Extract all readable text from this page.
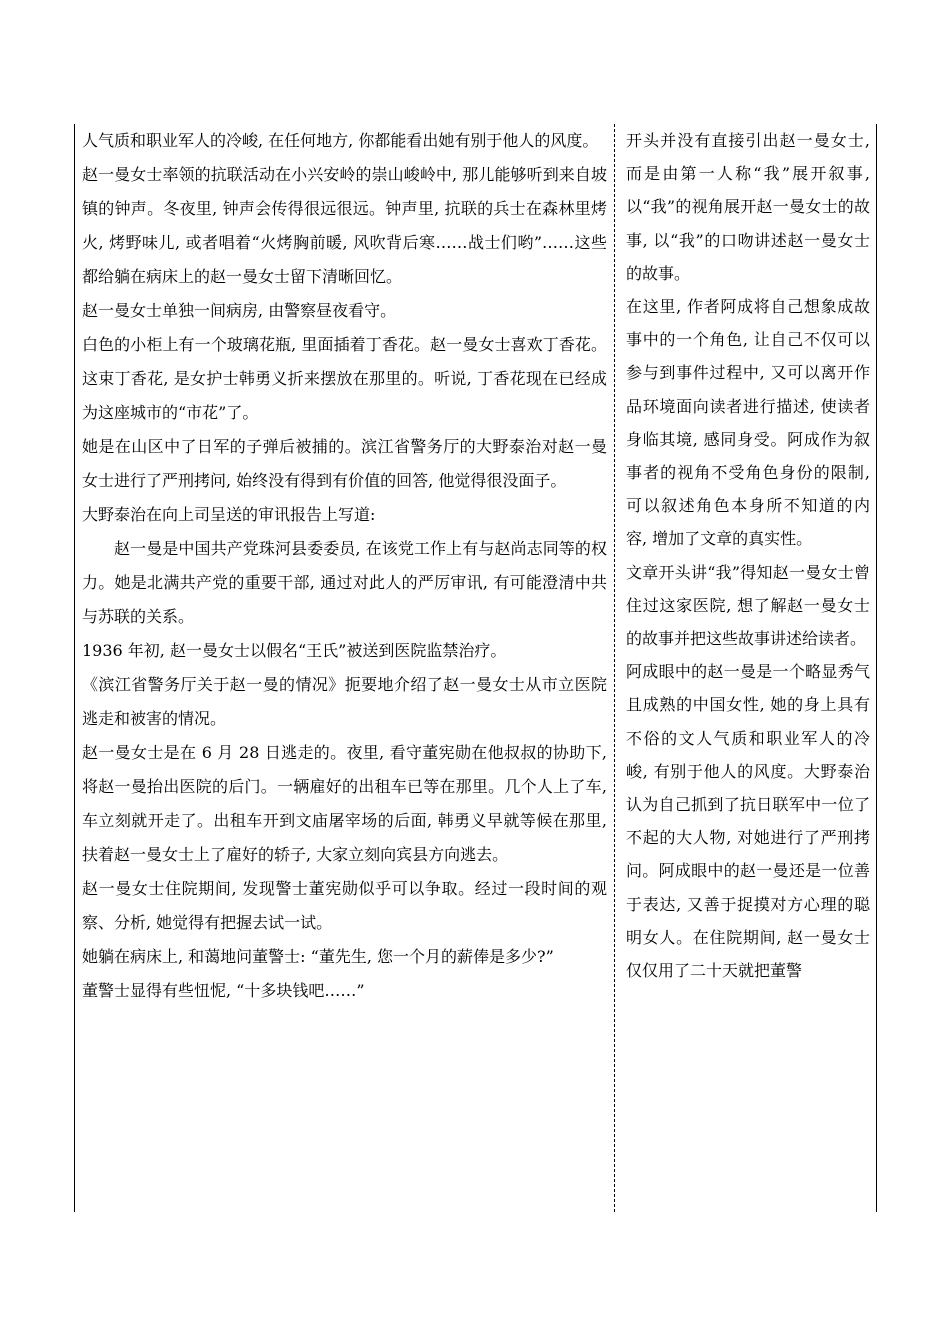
人气质和职业军人的冷峻, 在任何地方, 你都能看出她有别于他人的风度。

赵一曼女士率领的抗联活动在小兴安岭的崇山峻岭中, 那儿能够听到来自坡镇的钟声。冬夜里, 钟声会传得很远很远。钟声里, 抗联的兵士在森林里烤火, 烤野味儿, 或者唱着“火烤胸前暖, 风吹背后寒……战士们哟”……这些都给躺在病床上的赵一曼女士留下清晰回忆。

赵一曼女士单独一间病房, 由警察昼夜看守。

白色的小柜上有一个玻璃花瓶, 里面插着丁香花。赵一曼女士喜欢丁香花。这束丁香花, 是女护士韩勇义折来摆放在那里的。听说, 丁香花现在已经成为这座城市的“市花”了。

她是在山区中了日军的子弹后被捕的。滨江省警务厅的大野泰治对赵一曼女士进行了严刑拷问, 始终没有得到有价值的回答, 他觉得很没面子。

大野泰治在向上司呈送的审讯报告上写道:

赵一曼是中国共产党珠河县委委员, 在该党工作上有与赵尚志同等的权力。她是北满共产党的重要干部, 通过对此人的严厉审讯, 有可能澄清中共与苏联的关系。

1936 年初, 赵一曼女士以假名“王氏”被送到医院监禁治疗。

《滨江省警务厅关于赵一曼的情况》扼要地介绍了赵一曼女士从市立医院逃走和被害的情况。

赵一曼女士是在 6 月 28 日逃走的。夜里, 看守董宪勋在他叔叔的协助下, 将赵一曼抬出医院的后门。一辆雇好的出租车已等在那里。几个人上了车, 车立刻就开走了。出租车开到文庙屠宰场的后面, 韩勇义早就等候在那里, 扶着赵一曼女士上了雇好的轿子, 大家立刻向宾县方向逃去。

赵一曼女士住院期间, 发现警士董宪勋似乎可以争取。经过一段时间的观察、分析, 她觉得有把握去试一试。

她躺在病床上, 和蔼地问董警士: “董先生, 您一个月的薪俸是多少?”

董警士显得有些忸怩, “十多块钱吧……”

开头并没有直接引出赵一曼女士, 而是由第一人称“我”展开叙事, 以“我”的视角展开赵一曼女士的故事, 以“我”的口吻讲述赵一曼女士的故事。

在这里, 作者阿成将自己想象成故事中的一个角色, 让自己不仅可以参与到事件过程中, 又可以离开作品环境面向读者进行描述, 使读者身临其境, 感同身受。阿成作为叙事者的视角不受角色身份的限制, 可以叙述角色本身所不知道的内容, 增加了文章的真实性。

文章开头讲“我”得知赵一曼女士曾住过这家医院, 想了解赵一曼女士的故事并把这些故事讲述给读者。

阿成眼中的赵一曼是一个略显秀气且成熟的中国女性, 她的身上具有不俗的文人气质和职业军人的冷峻, 有别于他人的风度。大野泰治认为自己抓到了抗日联军中一位了不起的大人物, 对她进行了严刑拷问。阿成眼中的赵一曼还是一位善于表达, 又善于捉摸对方心理的聪明女人。在住院期间, 赵一曼女士仅仅用了二十天就把董警
